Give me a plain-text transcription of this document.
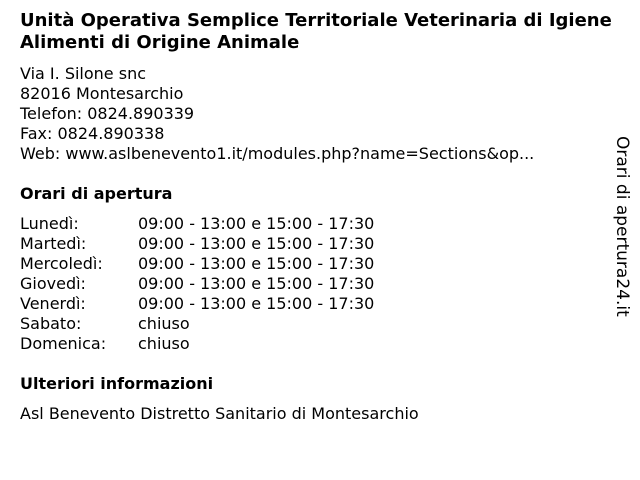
Unità Operativa Semplice Territoriale Veterinaria di Igiene Alimenti di Origine Animale
Via I. Silone snc
82016 Montesarchio
Telefon: 0824.890339
Fax: 0824.890338
Web: www.aslbenevento1.it/modules.php?name=Sections&op...
Orari di apertura
Lunedì:	09:00 - 13:00 e 15:00 - 17:30
Martedì:	09:00 - 13:00 e 15:00 - 17:30
Mercoledì: 09:00 - 13:00 e 15:00 - 17:30
Giovedì:	09:00 - 13:00 e 15:00 - 17:30
Venerdì:	09:00 - 13:00 e 15:00 - 17:30
Sabato:	chiuso
Domenica: chiuso
Ulteriori informazioni
Asl Benevento Distretto Sanitario di Montesarchio
Orari di apertura24.it
